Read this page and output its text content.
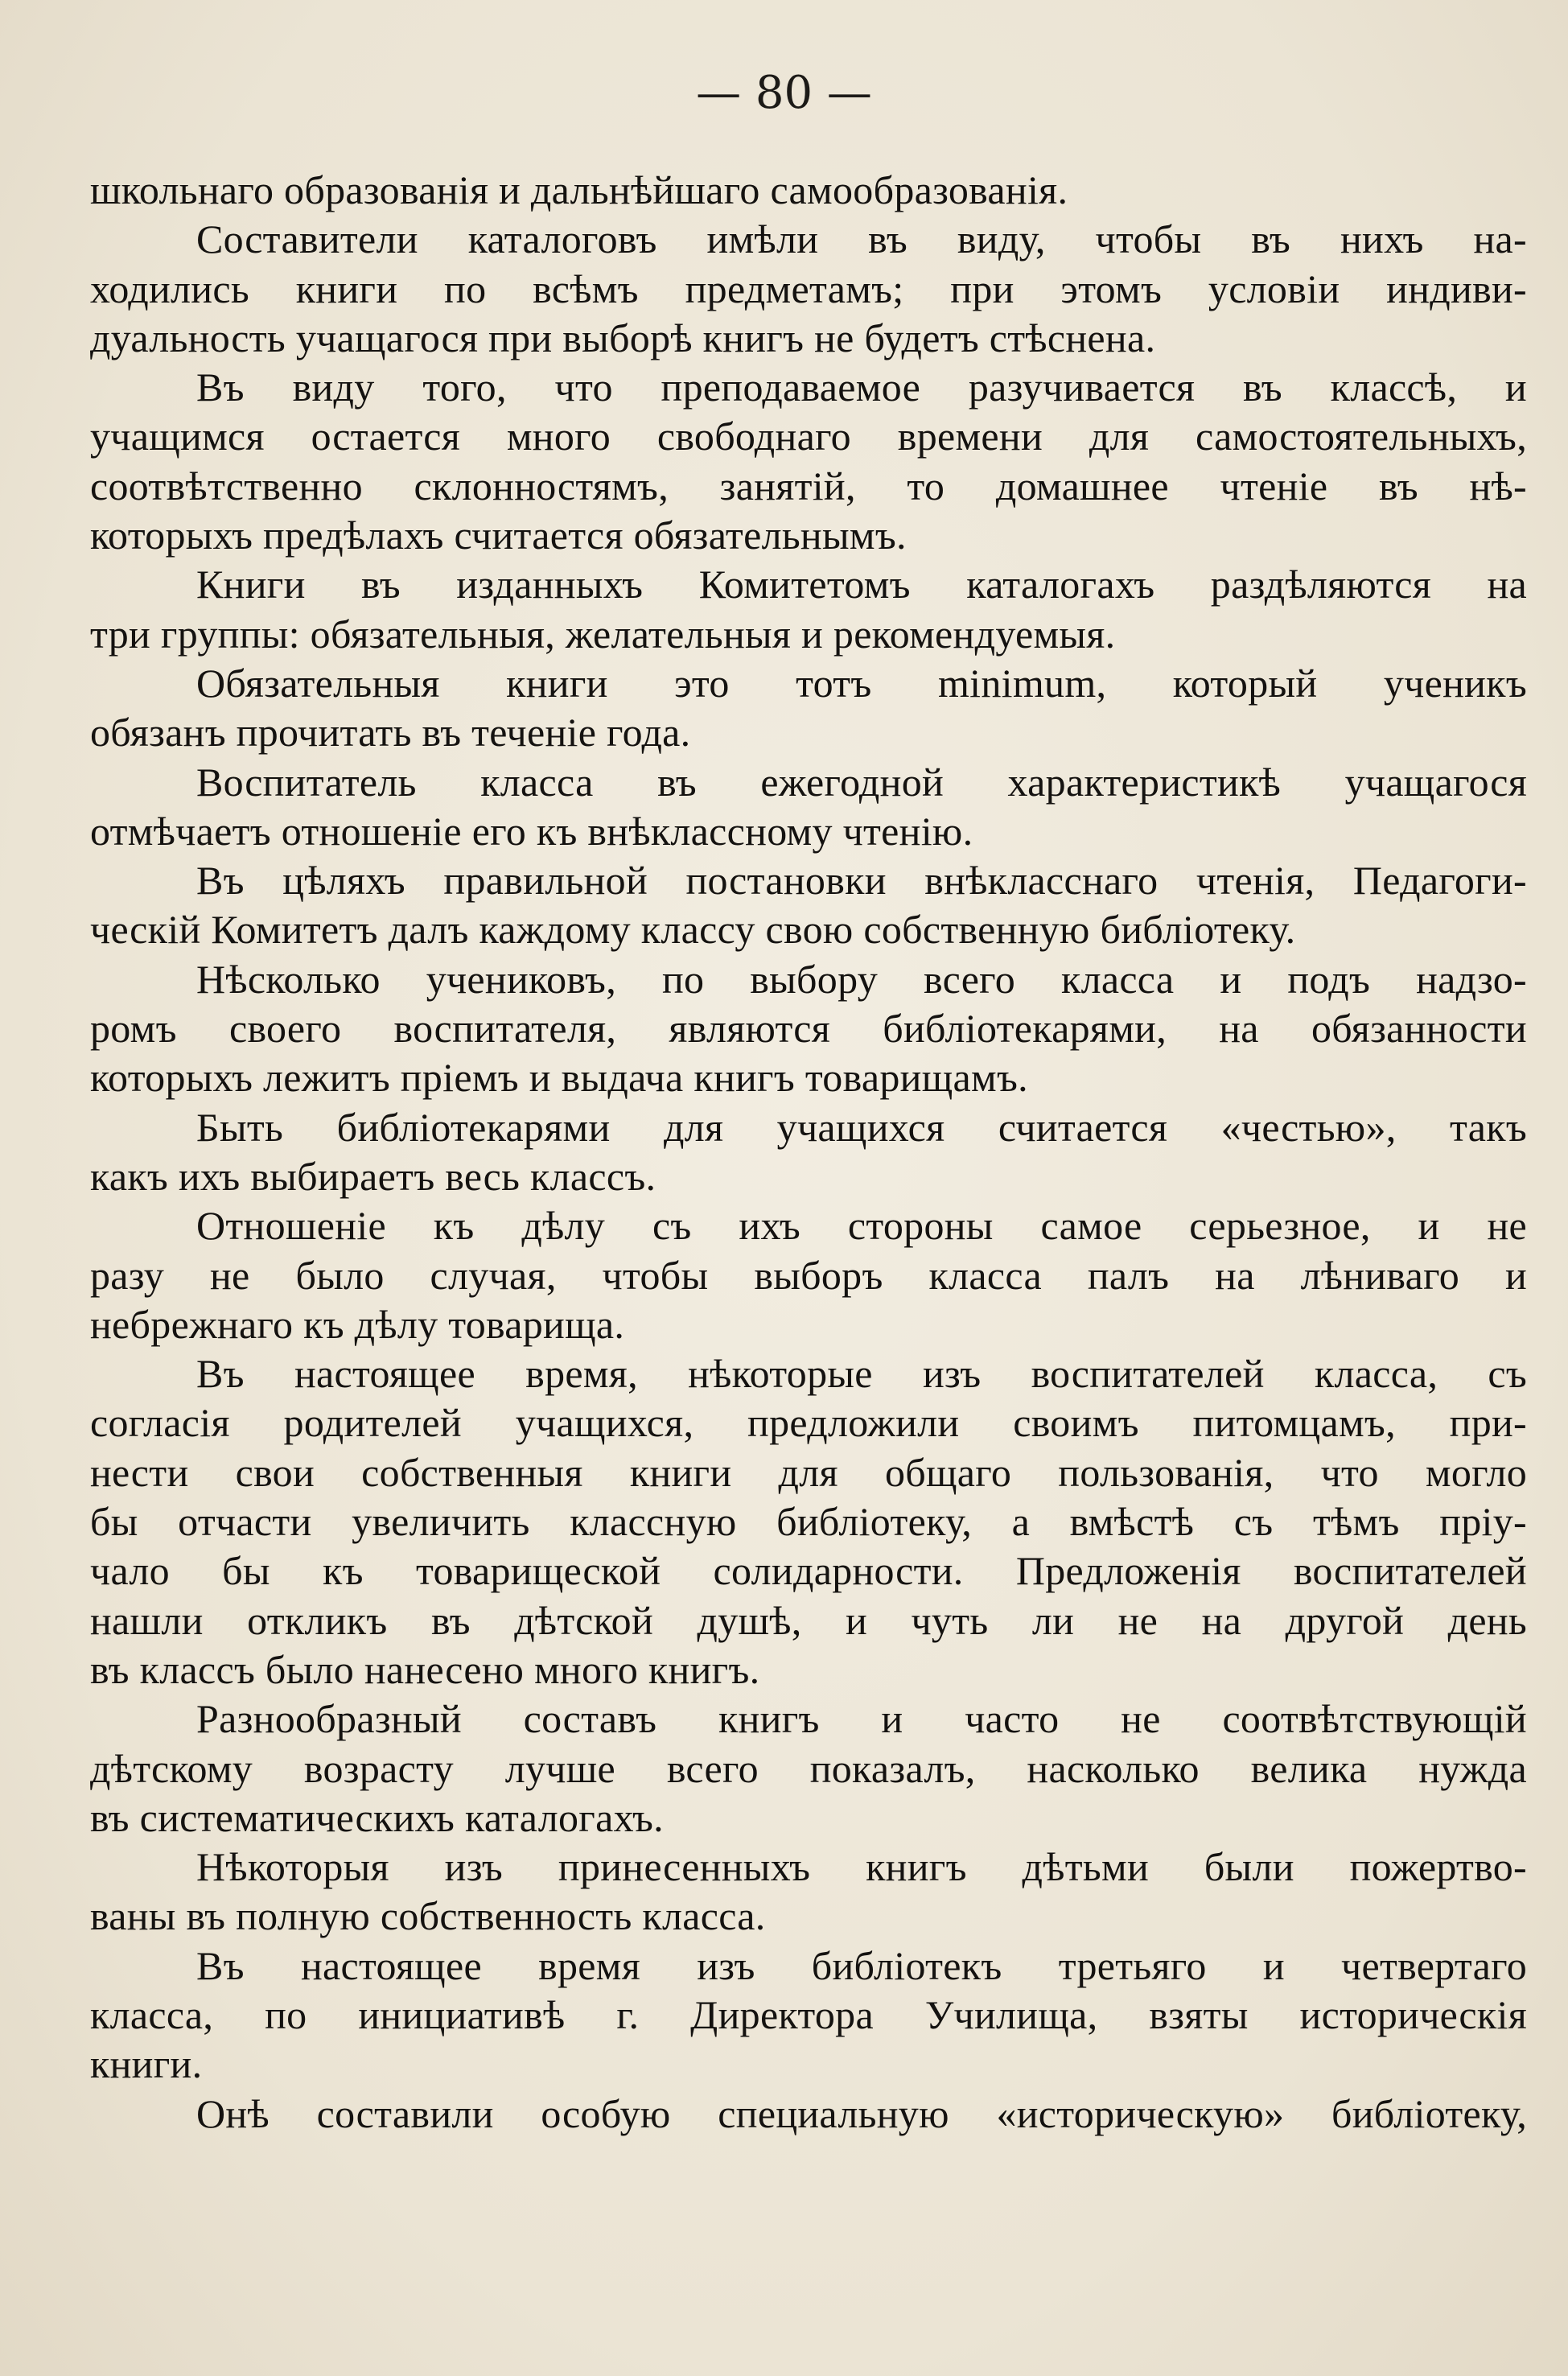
— 80 —

школьнаго образованія и дальнѣйшаго самообразованія.

Составители каталоговъ имѣли въ виду, чтобы въ нихъ на-
ходились книги по всѣмъ предметамъ; при этомъ условіи индиви-
дуальность учащагося при выборѣ книгъ не будетъ стѣснена.

Въ виду того, что преподаваемое разучивается въ классѣ, и
учащимся остается много свободнаго времени для самостоятельныхъ,
соотвѣтственно склонностямъ, занятій, то домашнее чтеніе въ нѣ-
которыхъ предѣлахъ считается обязательнымъ.

Книги въ изданныхъ Комитетомъ каталогахъ раздѣляются на
три группы: обязательныя, желательныя и рекомендуемыя.

Обязательныя книги это тотъ minimum, который ученикъ
обязанъ прочитать въ теченіе года.

Воспитатель класса въ ежегодной характеристикѣ учащагося
отмѣчаетъ отношеніе его къ внѣклассному чтенію.

Въ цѣляхъ правильной постановки внѣкласснаго чтенія, Педагоги-
ческій Комитетъ далъ каждому классу свою собственную библіотеку.

Нѣсколько учениковъ, по выбору всего класса и подъ надзо-
ромъ своего воспитателя, являются библіотекарями, на обязанности
которыхъ лежитъ пріемъ и выдача книгъ товарищамъ.

Быть библіотекарями для учащихся считается «честью», такъ
какъ ихъ выбираетъ весь классъ.

Отношеніе къ дѣлу съ ихъ стороны самое серьезное, и не
разу не было случая, чтобы выборъ класса палъ на лѣниваго и
небрежнаго къ дѣлу товарища.

Въ настоящее время, нѣкоторые изъ воспитателей класса, съ
согласія родителей учащихся, предложили своимъ питомцамъ, при-
нести свои собственныя книги для общаго пользованія, что могло
бы отчасти увеличить классную библіотеку, а вмѣстѣ съ тѣмъ пріу-
чало бы къ товарищеской солидарности. Предложенія воспитателей
нашли откликъ въ дѣтской душѣ, и чуть ли не на другой день
въ классъ было нанесено много книгъ.

Разнообразный составъ книгъ и часто не соотвѣтствующій
дѣтскому возрасту лучше всего показалъ, насколько велика нужда
въ систематическихъ каталогахъ.

Нѣкоторыя изъ принесенныхъ книгъ дѣтьми были пожертво-
ваны въ полную собственность класса.

Въ настоящее время изъ библіотекъ третьяго и четвертаго
класса, по инициативѣ г. Директора Училища, взяты историческія
книги.

Онѣ составили особую специальную «историческую» библіотеку,
